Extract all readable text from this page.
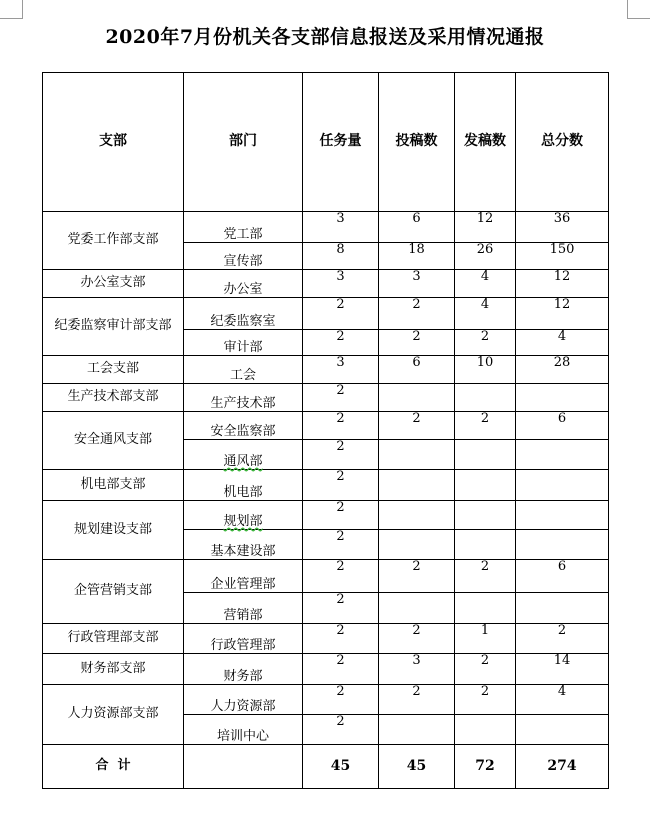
2020年7月份机关各支部信息报送及采用情况通报
支部	部门	任务量	投稿数	发稿数	总分数
党委工作部支部	党工部	3	6	12	36
	宣传部	8	18	26	150
办公室支部	办公室	3	3	4	12
纪委监察审计部支部	纪委监察室	2	2	4	12
	审计部	2	2	2	4
工会支部	工会	3	6	10	28
生产技术部支部	生产技术部	2			
安全通风支部	安全监察部	2	2	2	6
	通风部	2			
机电部支部	机电部	2			
规划建设支部	规划部	2			
	基本建设部	2			
企管营销支部	企业管理部	2	2	2	6
	营销部	2			
行政管理部支部	行政管理部	2	2	1	2
财务部支部	财务部	2	3	2	14
人力资源部支部	人力资源部	2	2	2	4
	培训中心	2			
合  计		45	45	72	274
